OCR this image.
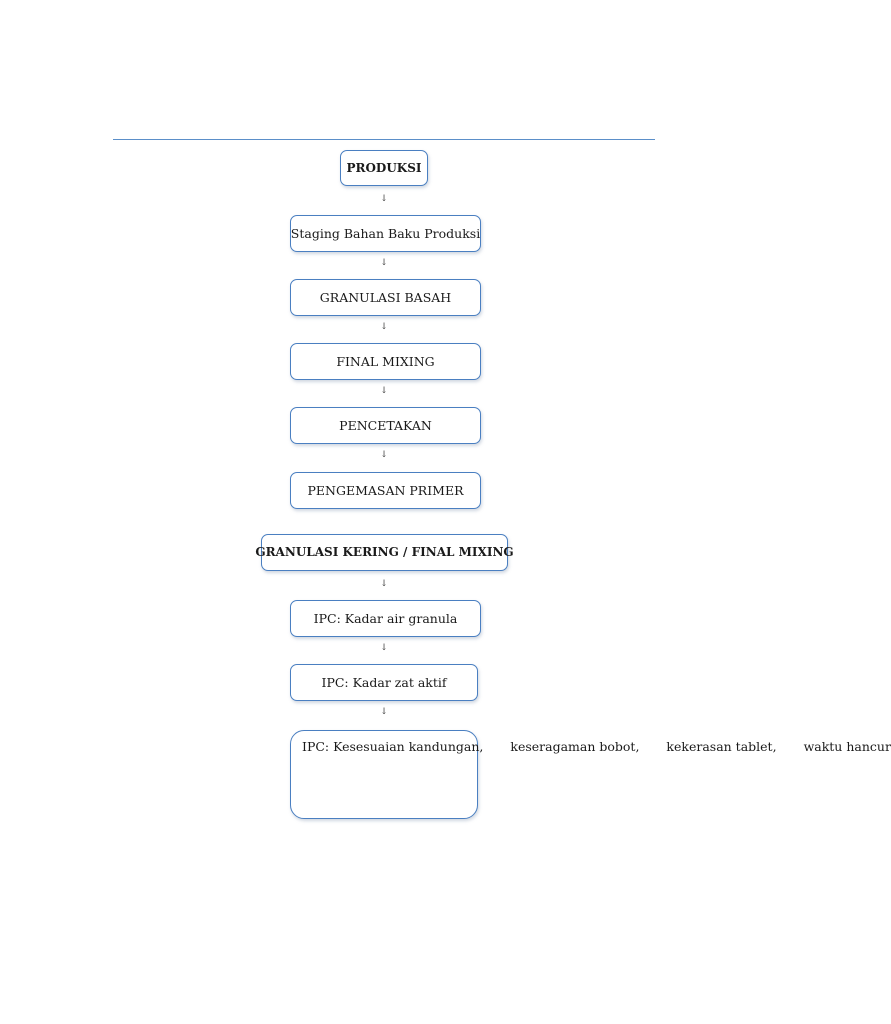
PRODUKSI
↓
Staging Bahan Baku Produksi
↓
GRANULASI BASAH
↓
FINAL MIXING
↓
PENCETAKAN
↓
PENGEMASAN PRIMER
GRANULASI KERING / FINAL MIXING
↓
IPC: Kadar air granula
↓
IPC: Kadar zat aktif
↓
IPC: Kesesuaian kandungan,	keseragaman bobot,	kekerasan tablet,	waktu hancur
